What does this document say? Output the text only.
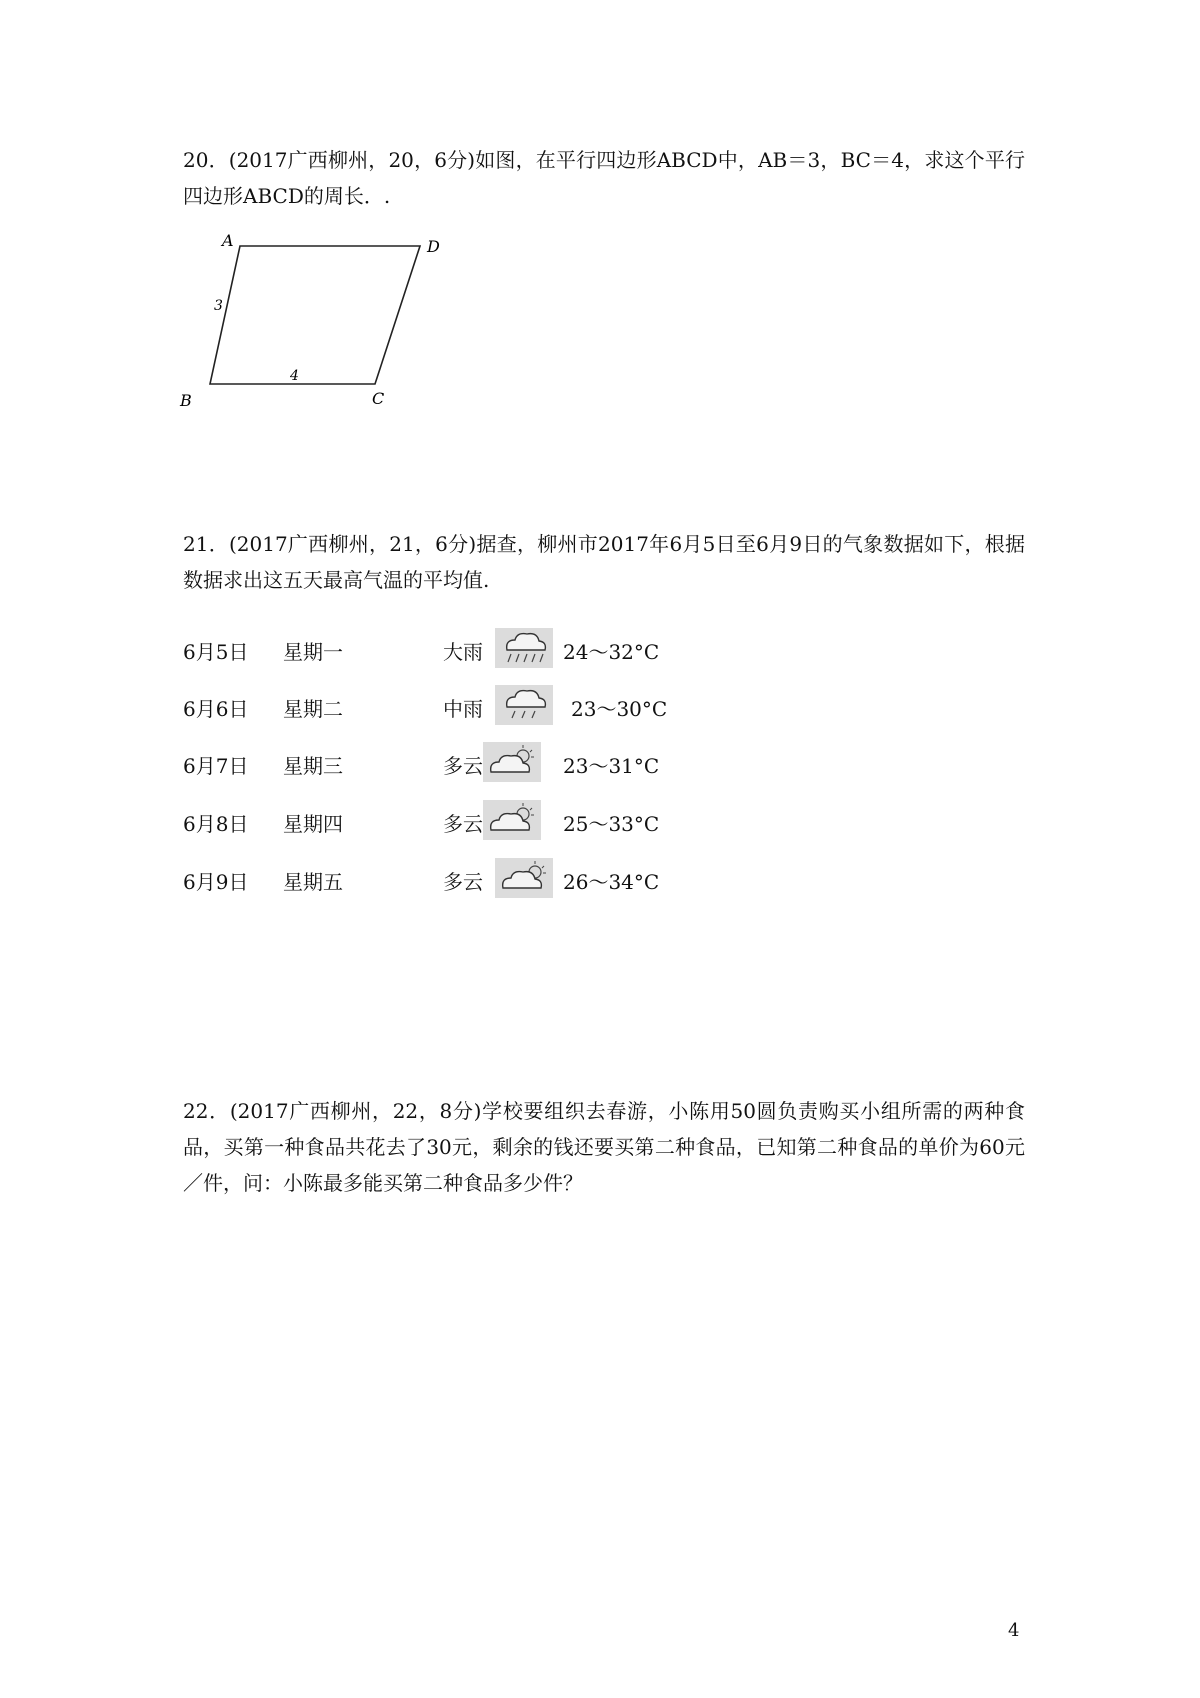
20．(2017广西柳州，20，6分)如图，在平行四边形ABCD中，AB＝3，BC＝4，求这个平行四边形ABCD的周长．.
A	D
B	C
3
4
21．(2017广西柳州，21，6分)据查，柳州市2017年6月5日至6月9日的气象数据如下，根据数据求出这五天最高气温的平均值.
6月5日 星期一	大雨	24～32°C
6月6日 星期二	中雨	23～30°C
6月7日 星期三	多云	23～31°C
6月8日 星期四	多云	25～33°C
6月9日 星期五	多云	26～34°C
22．(2017广西柳州，22，8分)学校要组织去春游，小陈用50圆负责购买小组所需的两种食品，买第一种食品共花去了30元，剩余的钱还要买第二种食品，已知第二种食品的单价为60元／件，问：小陈最多能买第二种食品多少件？
4
